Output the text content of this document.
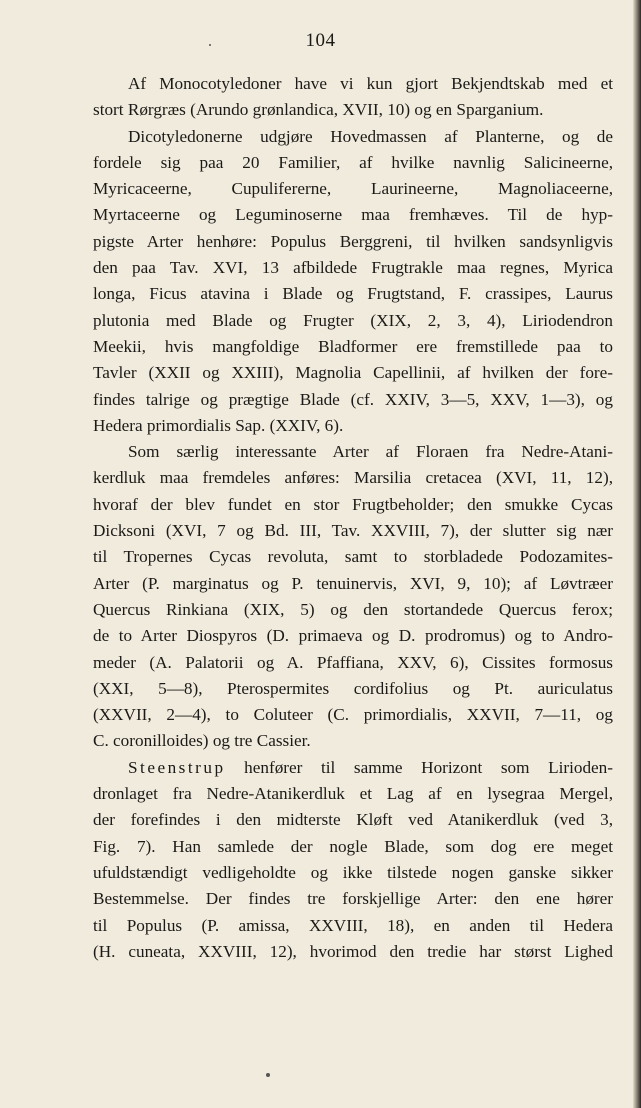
104
Af Monocotyledoner have vi kun gjort Bekjendtskab med et
stort Rørgræs (Arundo grønlandica, XVII, 10) og en Sparganium.
Dicotyledonerne udgjøre Hovedmassen af Planterne, og de
fordele sig paa 20 Familier, af hvilke navnlig Salicineerne,
Myricaceerne, Cupulifererne, Laurineerne, Magnoliaceerne,
Myrtaceerne og Leguminoserne maa fremhæves. Til de hyp-
pigste Arter henhøre: Populus Berggreni, til hvilken sandsynligvis
den paa Tav. XVI, 13 afbildede Frugtrakle maa regnes, Myrica
longa, Ficus atavina i Blade og Frugtstand, F. crassipes, Laurus
plutonia med Blade og Frugter (XIX, 2, 3, 4), Liriodendron
Meekii, hvis mangfoldige Bladformer ere fremstillede paa to
Tavler (XXII og XXIII), Magnolia Capellinii, af hvilken der fore-
findes talrige og prægtige Blade (cf. XXIV, 3—5, XXV, 1—3), og
Hedera primordialis Sap. (XXIV, 6).
Som særlig interessante Arter af Floraen fra Nedre-Atani-
kerdluk maa fremdeles anføres: Marsilia cretacea (XVI, 11, 12),
hvoraf der blev fundet en stor Frugtbeholder; den smukke Cycas
Dicksoni (XVI, 7 og Bd. III, Tav. XXVIII, 7), der slutter sig nær
til Tropernes Cycas revoluta, samt to storbladede Podozamites-
Arter (P. marginatus og P. tenuinervis, XVI, 9, 10); af Løvtræer
Quercus Rinkiana (XIX, 5) og den stortandede Quercus ferox;
de to Arter Diospyros (D. primaeva og D. prodromus) og to Andro-
meder (A. Palatorii og A. Pfaffiana, XXV, 6), Cissites formosus
(XXI, 5—8), Pterospermites cordifolius og Pt. auriculatus
(XXVII, 2—4), to Coluteer (C. primordialis, XXVII, 7—11, og
C. coronilloides) og tre Cassier.
Steenstrup henfører til samme Horizont som Lirioden-
dronlaget fra Nedre-Atanikerdluk et Lag af en lysegraa Mergel,
der forefindes i den midterste Kløft ved Atanikerdluk (ved 3,
Fig. 7). Han samlede der nogle Blade, som dog ere meget
ufuldstændigt vedligeholdte og ikke tilstede nogen ganske sikker
Bestemmelse. Der findes tre forskjellige Arter: den ene hører
til Populus (P. amissa, XXVIII, 18), en anden til Hedera
(H. cuneata, XXVIII, 12), hvorimod den tredie har størst Lighed
